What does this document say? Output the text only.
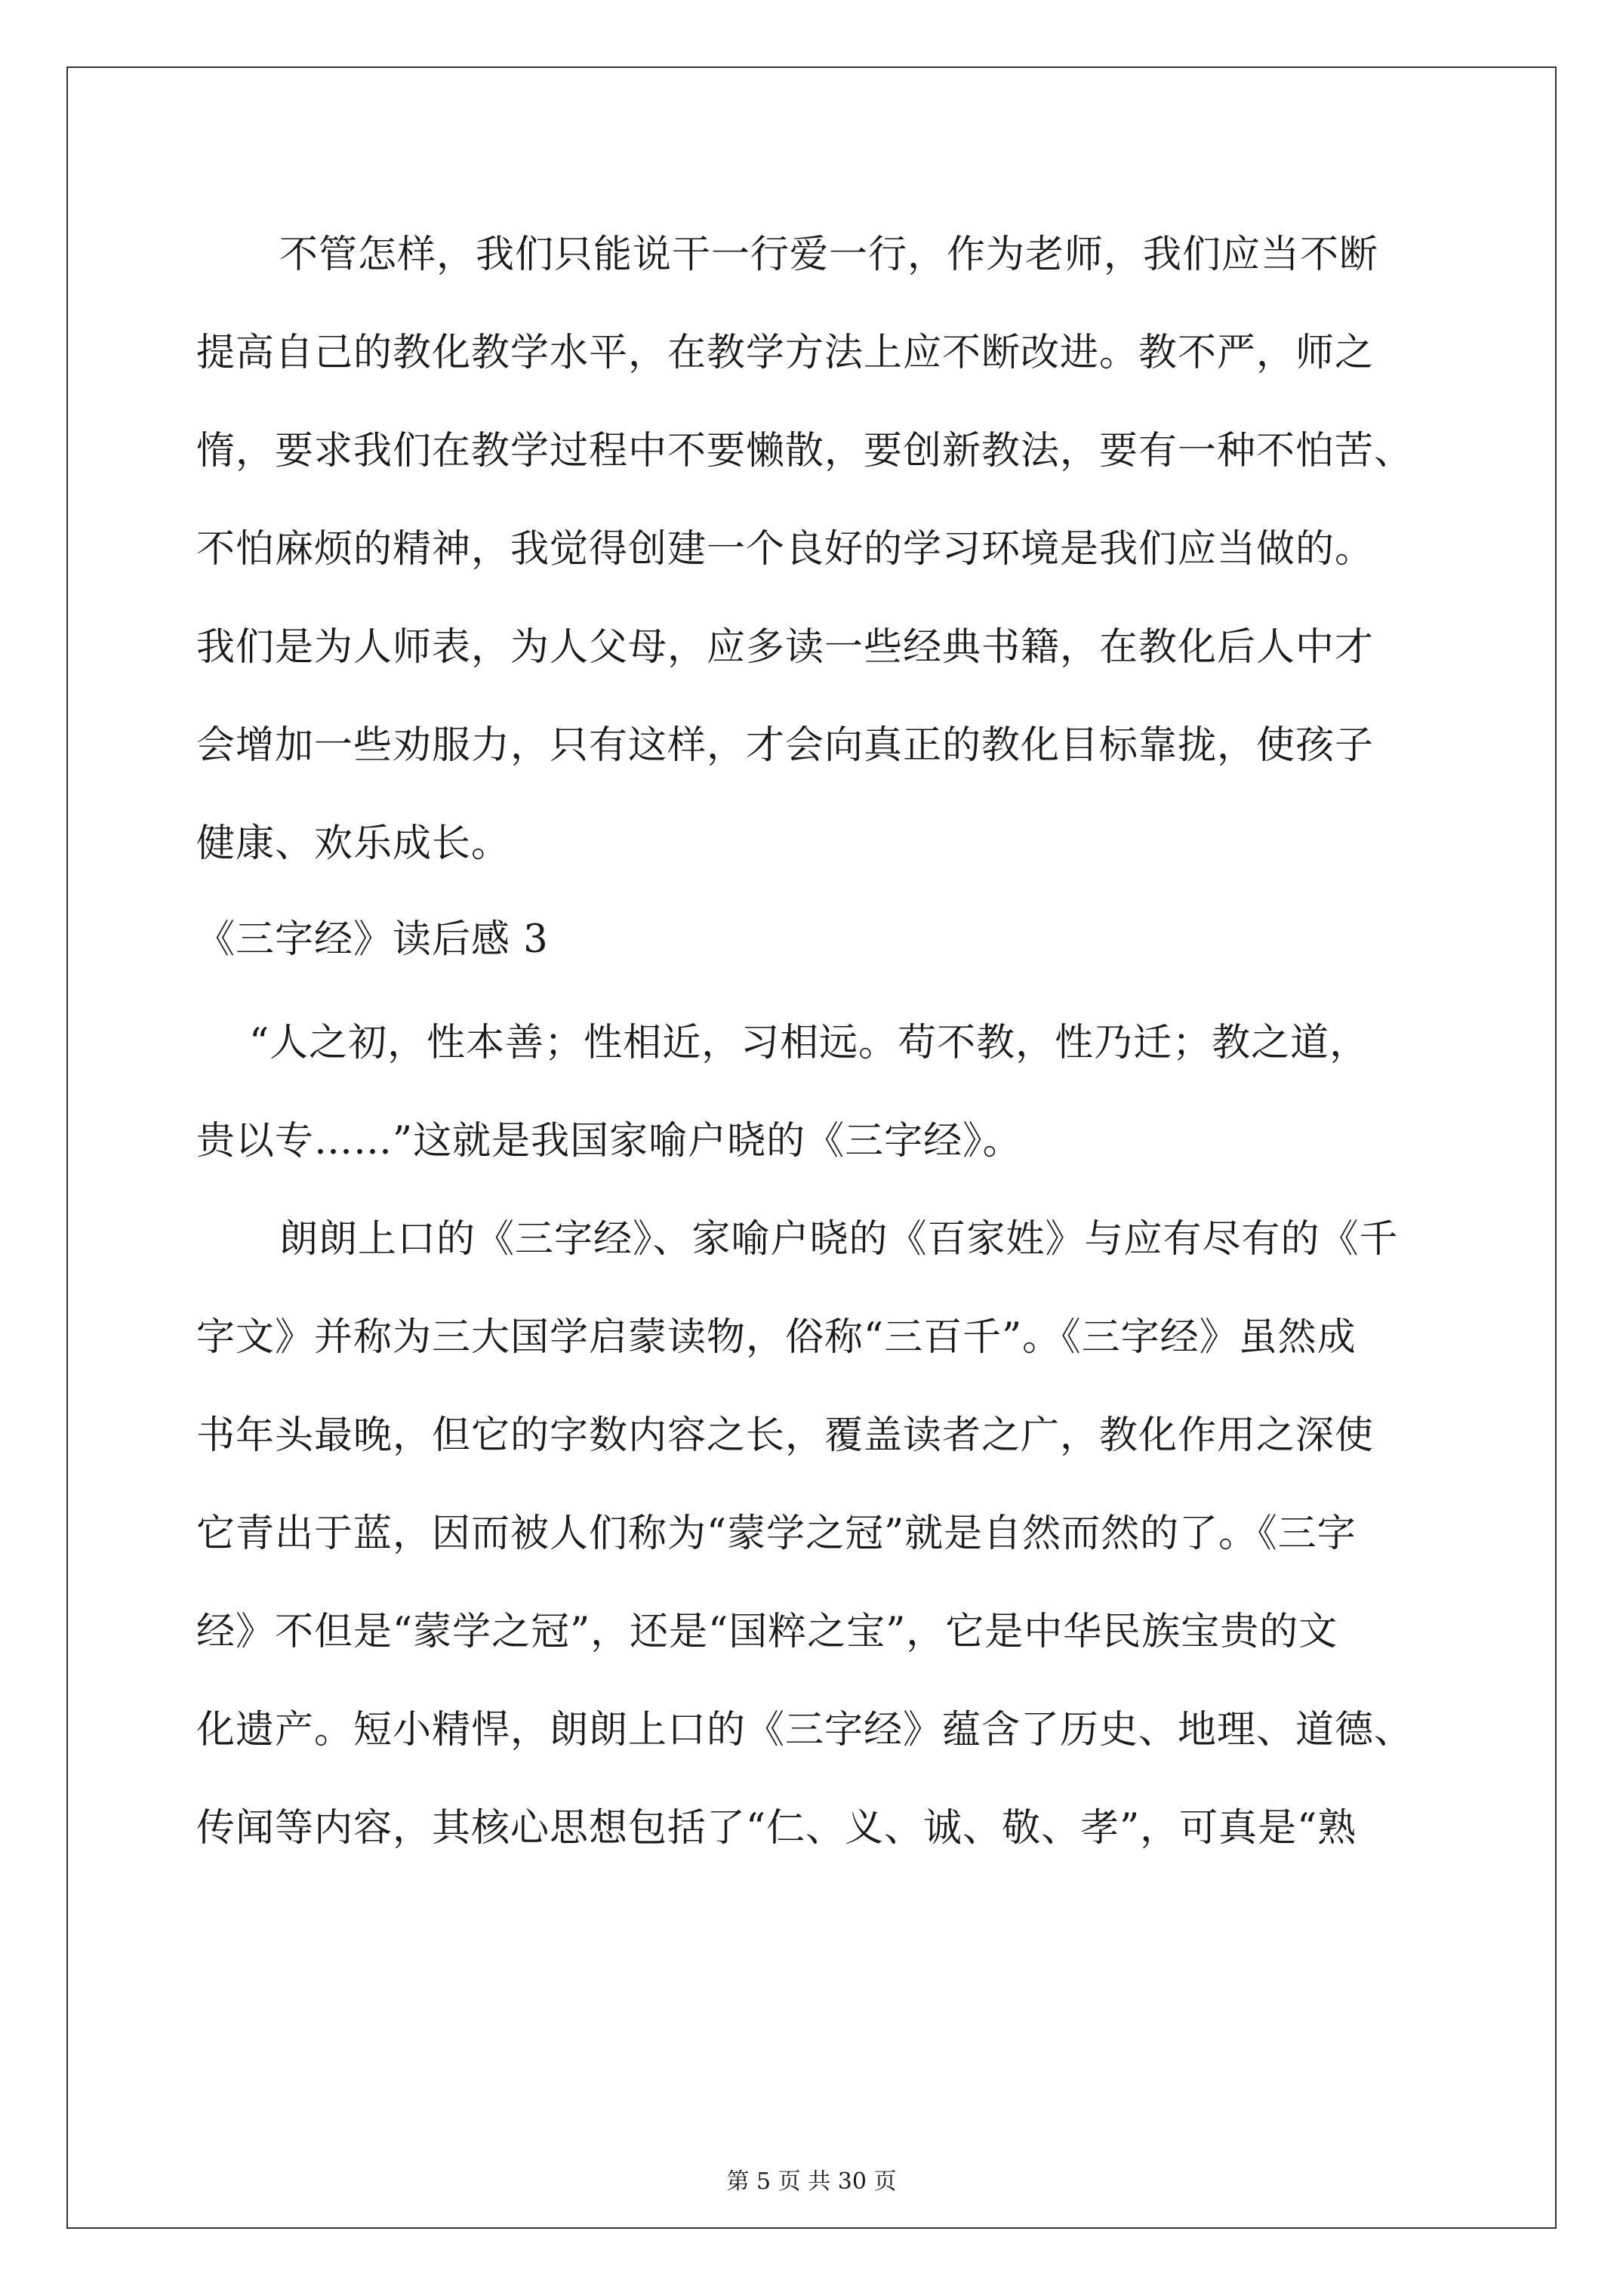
不管怎样，我们只能说干一行爱一行，作为老师，我们应当不断
提高自己的教化教学水平，在教学方法上应不断改进。教不严，师之
惰，要求我们在教学过程中不要懒散，要创新教法，要有一种不怕苦、
不怕麻烦的精神，我觉得创建一个良好的学习环境是我们应当做的。
我们是为人师表，为人父母，应多读一些经典书籍，在教化后人中才
会增加一些劝服力，只有这样，才会向真正的教化目标靠拢，使孩子
健康、欢乐成长。
《三字经》读后感 3
“人之初，性本善；性相近，习相远。苟不教，性乃迁；教之道，
贵以专……”这就是我国家喻户晓的《三字经》。
朗朗上口的《三字经》、家喻户晓的《百家姓》与应有尽有的《千
字文》并称为三大国学启蒙读物，俗称“三百千”。《三字经》虽然成
书年头最晚，但它的字数内容之长，覆盖读者之广，教化作用之深使
它青出于蓝，因而被人们称为“蒙学之冠”就是自然而然的了。《三字
经》不但是“蒙学之冠”，还是“国粹之宝”，它是中华民族宝贵的文
化遗产。短小精悍，朗朗上口的《三字经》蕴含了历史、地理、道德、
传闻等内容，其核心思想包括了“仁、义、诚、敬、孝”，可真是“熟
第 5 页 共 30 页
